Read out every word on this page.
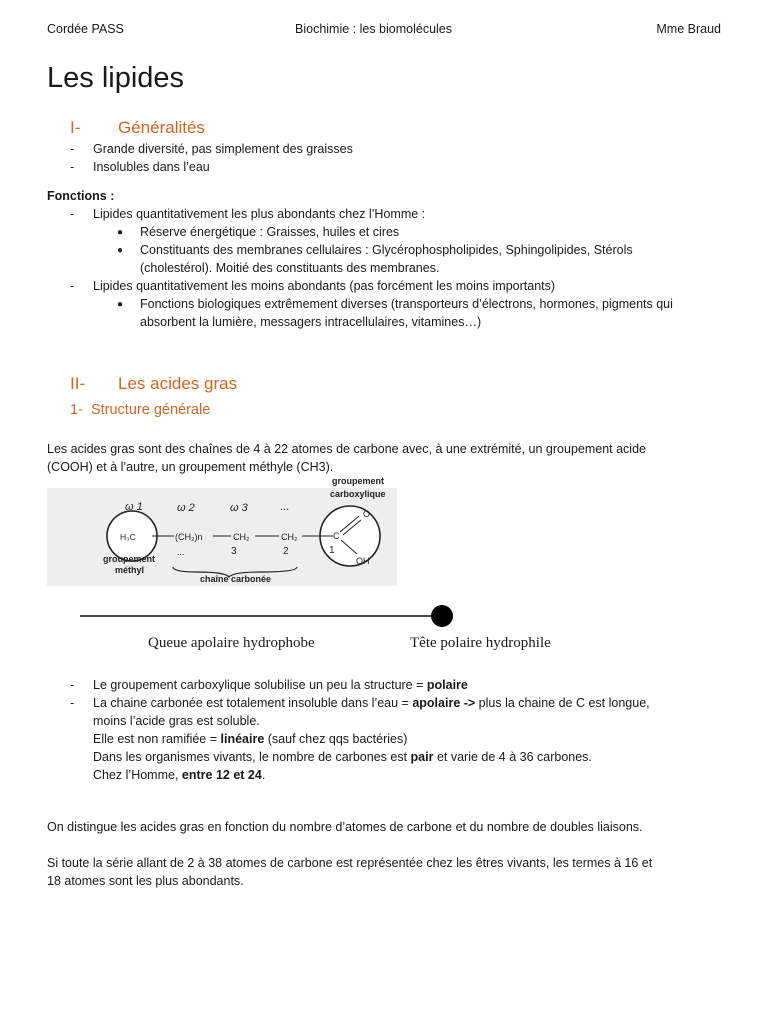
Cordée PASS	Biochimie : les biomolécules	Mme Braud
Les lipides
I- Généralités
- Grande diversité, pas simplement des graisses
- Insolubles dans l’eau
Fonctions :
- Lipides quantitativement les plus abondants chez l’Homme :
● Réserve énergétique : Graisses, huiles et cires
● Constituants des membranes cellulaires : Glycérophospholipides, Sphingolipides, Stérols
(cholestérol). Moitié des constituants des membranes.
- Lipides quantitativement les moins abondants (pas forcément les moins importants)
● Fonctions biologiques extrêmement diverses (transporteurs d’électrons, hormones, pigments qui
absorbent la lumière, messagers intracellulaires, vitamines…)
II- Les acides gras
1- Structure générale
Les acides gras sont des chaînes de 4 à 22 atomes de carbone avec, à une extrémité, un groupement acide
(COOH) et à l’autre, un groupement méthyle (CH3).
ω 1	ω 2	ω 3	...
H₃C	(CH₂)n	CH₂	CH₂	C
O
OH
...	3	2	1
groupement
méthyl
groupement
carboxylique
chaîne carbonée
Queue apolaire hydrophobe	Tête polaire hydrophile
- Le groupement carboxylique solubilise un peu la structure = polaire
- La chaine carbonée est totalement insoluble dans l’eau = apolaire -> plus la chaine de C est longue,
moins l’acide gras est soluble.
Elle est non ramifiée = linéaire (sauf chez qqs bactéries)
Dans les organismes vivants, le nombre de carbones est pair et varie de 4 à 36 carbones.
Chez l’Homme, entre 12 et 24.
On distingue les acides gras en fonction du nombre d’atomes de carbone et du nombre de doubles liaisons.
Si toute la série allant de 2 à 38 atomes de carbone est représentée chez les êtres vivants, les termes à 16 et
18 atomes sont les plus abondants.
